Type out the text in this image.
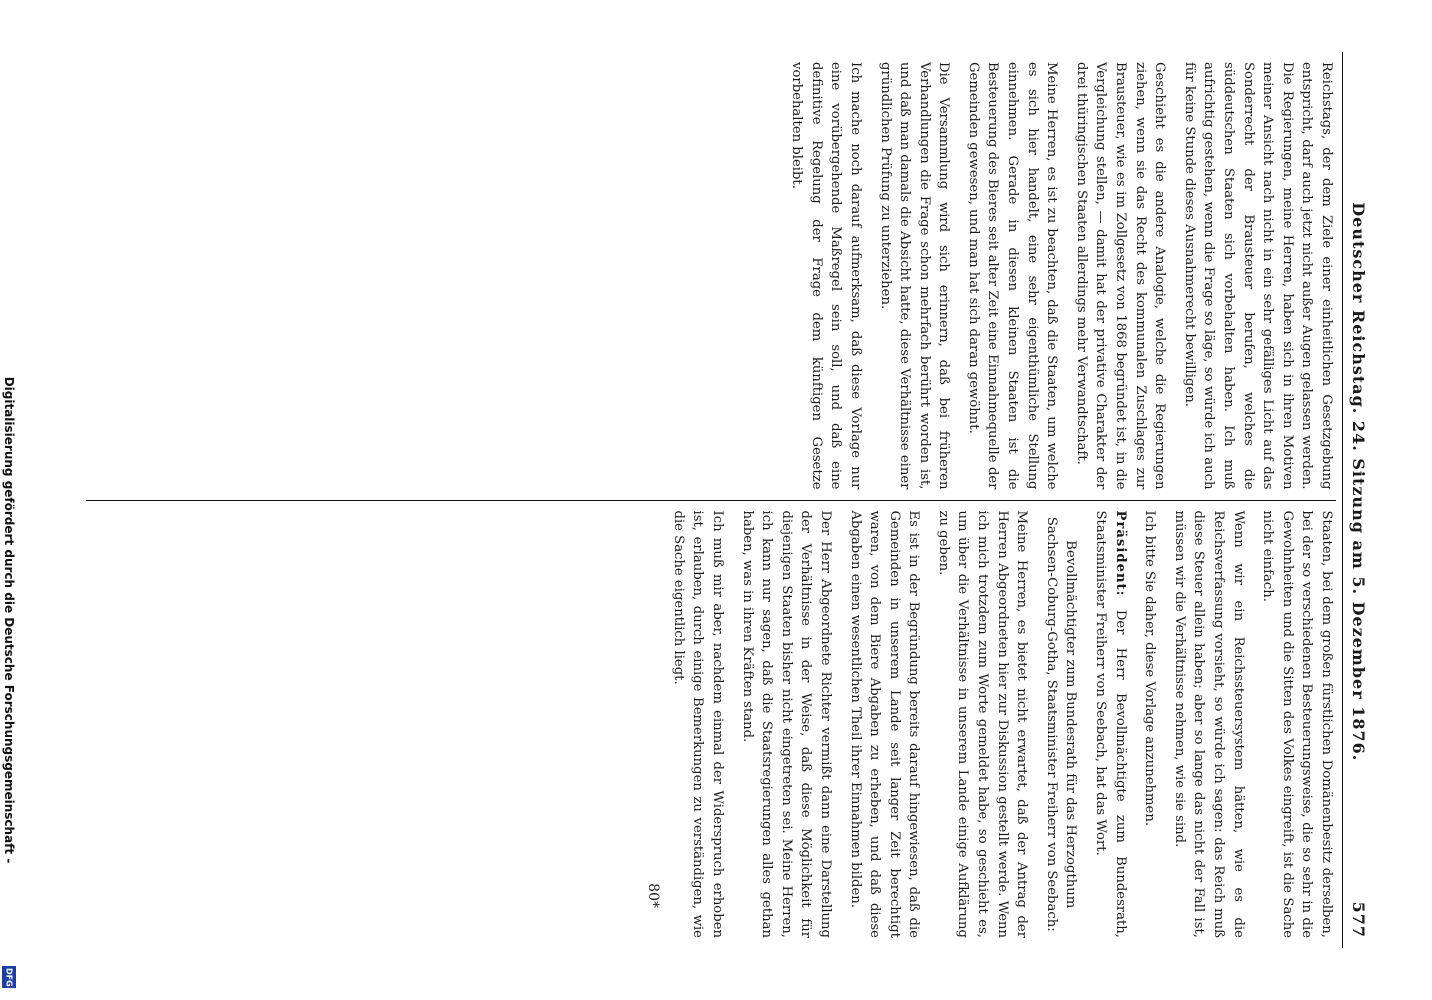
Deutscher Reichstag. 24. Sitzung am 5. Dezember 1876.
577

Reichstags, der dem Ziele einer einheitlichen Gesetzgebung entspricht, darf auch jetzt nicht außer Augen gelassen werden. Die Regierungen, meine Herren, haben sich in ihren Motiven meiner Ansicht nach nicht in ein sehr gefälliges Licht auf das Sonderrecht der Brausteuer berufen, welches die süddeutschen Staaten sich vorbehalten haben. Ich muß aufrichtig gestehen, wenn die Frage so läge, so würde ich auch für keine Stunde dieses Ausnahmerecht bewilligen.

Geschieht es die andere Analogie, welche die Regierungen ziehen, wenn sie das Recht des kommunalen Zuschlages zur Brausteuer, wie es im Zollgesetz von 1868 begründet ist, in die Vergleichung stellen, — damit hat der privative Charakter der drei thüringischen Staaten allerdings mehr Verwandtschaft.

Meine Herren, es ist zu beachten, daß die Staaten, um welche es sich hier handelt, eine sehr eigenthümliche Stellung einnehmen. Gerade in diesen kleinen Staaten ist die Besteuerung des Bieres seit alter Zeit eine Einnahmequelle der Gemeinden gewesen, und man hat sich daran gewöhnt.

Die Versammlung wird sich erinnern, daß bei früheren Verhandlungen die Frage schon mehrfach berührt worden ist, und daß man damals die Absicht hatte, diese Verhältnisse einer gründlichen Prüfung zu unterziehen.

Ich mache noch darauf aufmerksam, daß diese Vorlage nur eine vorübergehende Maßregel sein soll, und daß eine definitive Regelung der Frage dem künftigen Gesetze vorbehalten bleibt.

Staaten, bei dem großen fürstlichen Domänenbesitz derselben, bei der so verschiedenen Besteuerungsweise, die so sehr in die Gewohnheiten und die Sitten des Volkes eingreift, ist die Sache nicht einfach.

Wenn wir ein Reichssteuersystem hätten, wie es die Reichsverfassung vorsieht, so würde ich sagen: das Reich muß diese Steuer allein haben; aber so lange das nicht der Fall ist, müssen wir die Verhältnisse nehmen, wie sie sind.

Ich bitte Sie daher, diese Vorlage anzunehmen.

Präsident: Der Herr Bevollmächtigte zum Bundesrath, Staatsminister Freiherr von Seebach, hat das Wort.

Bevollmächtigter zum Bundesrath für das Herzogthum Sachsen-Coburg-Gotha, Staatsminister Freiherr von Seebach:

Meine Herren, es bietet nicht erwartet, daß der Antrag der Herren Abgeordneten hier zur Diskussion gestellt werde. Wenn ich mich trotzdem zum Worte gemeldet habe, so geschieht es, um über die Verhältnisse in unserem Lande einige Aufklärung zu geben.

Es ist in der Begründung bereits darauf hingewiesen, daß die Gemeinden in unserem Lande seit langer Zeit berechtigt waren, von dem Biere Abgaben zu erheben, und daß diese Abgaben einen wesentlichen Theil ihrer Einnahmen bilden.

Der Herr Abgeordnete Richter vermißt dann eine Darstellung der Verhältnisse in der Weise, daß diese Möglichkeit für diejenigen Staaten bisher nicht eingetreten sei. Meine Herren, ich kann nur sagen, daß die Staatsregierungen alles gethan haben, was in ihren Kräften stand.

Ich muß mir aber, nachdem einmal der Widerspruch erhoben ist, erlauben, durch einige Bemerkungen zu verständigen, wie die Sache eigentlich liegt.

80*
Digitalisierung gefördert durch die Deutsche Forschungsgemeinschaft -
DFG
